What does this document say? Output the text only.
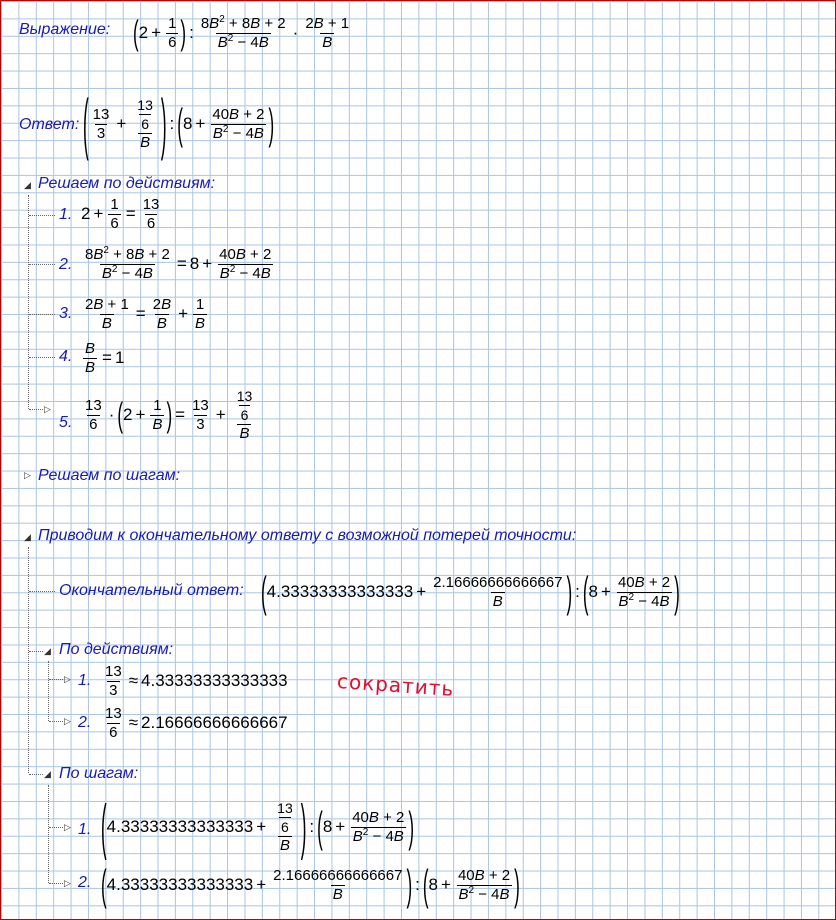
Выражение: ( $2 + \frac{1}{6}$ ) : $\frac{8B^2 + 8B + 2}{B^2 - 4B} \cdot \frac{2B + 1}{B}$
Ответ: ( $\frac{13}{3} + \frac{\frac{13}{6}}{B}$ ) : ( $8 + \frac{40B + 2}{B^2 - 4B}$ )
◢ Решаем по действиям:
▷
1. $2 + \frac{1}{6} = \frac{13}{6}$
2. $\frac{8B^2 + 8B + 2}{B^2 - 4B} = 8 + \frac{40B + 2}{B^2 - 4B}$
3. $\frac{2B + 1}{B} = \frac{2B}{B} + \frac{1}{B}$
4. $\frac{B}{B} = 1$
5. $\frac{13}{6}$ · ( $2 + \frac{1}{B}$ ) = $\frac{13}{3} + \frac{\frac{13}{6}}{B}$
▷ Решаем по шагам:
◢ Приводим к окончательному ответу с возможной потерей точности:
Окончательный ответ: ( $4.33333333333333 + \frac{2.16666666666667}{B}$ ) : ( $8 + \frac{40B + 2}{B^2 - 4B}$ )
◢ По действиям:
▷
▷
1. $\frac{13}{3} \approx 4.33333333333333$ сократить
2. $\frac{13}{6} \approx 2.16666666666667$
◢ По шагам:
▷
▷
1. ( $4.33333333333333 + \frac{\frac{13}{6}}{B}$ ) : ( $8 + \frac{40B + 2}{B^2 - 4B}$ )
2. ( $4.33333333333333 + \frac{2.16666666666667}{B}$ ) : ( $8 + \frac{40B + 2}{B^2 - 4B}$ )
